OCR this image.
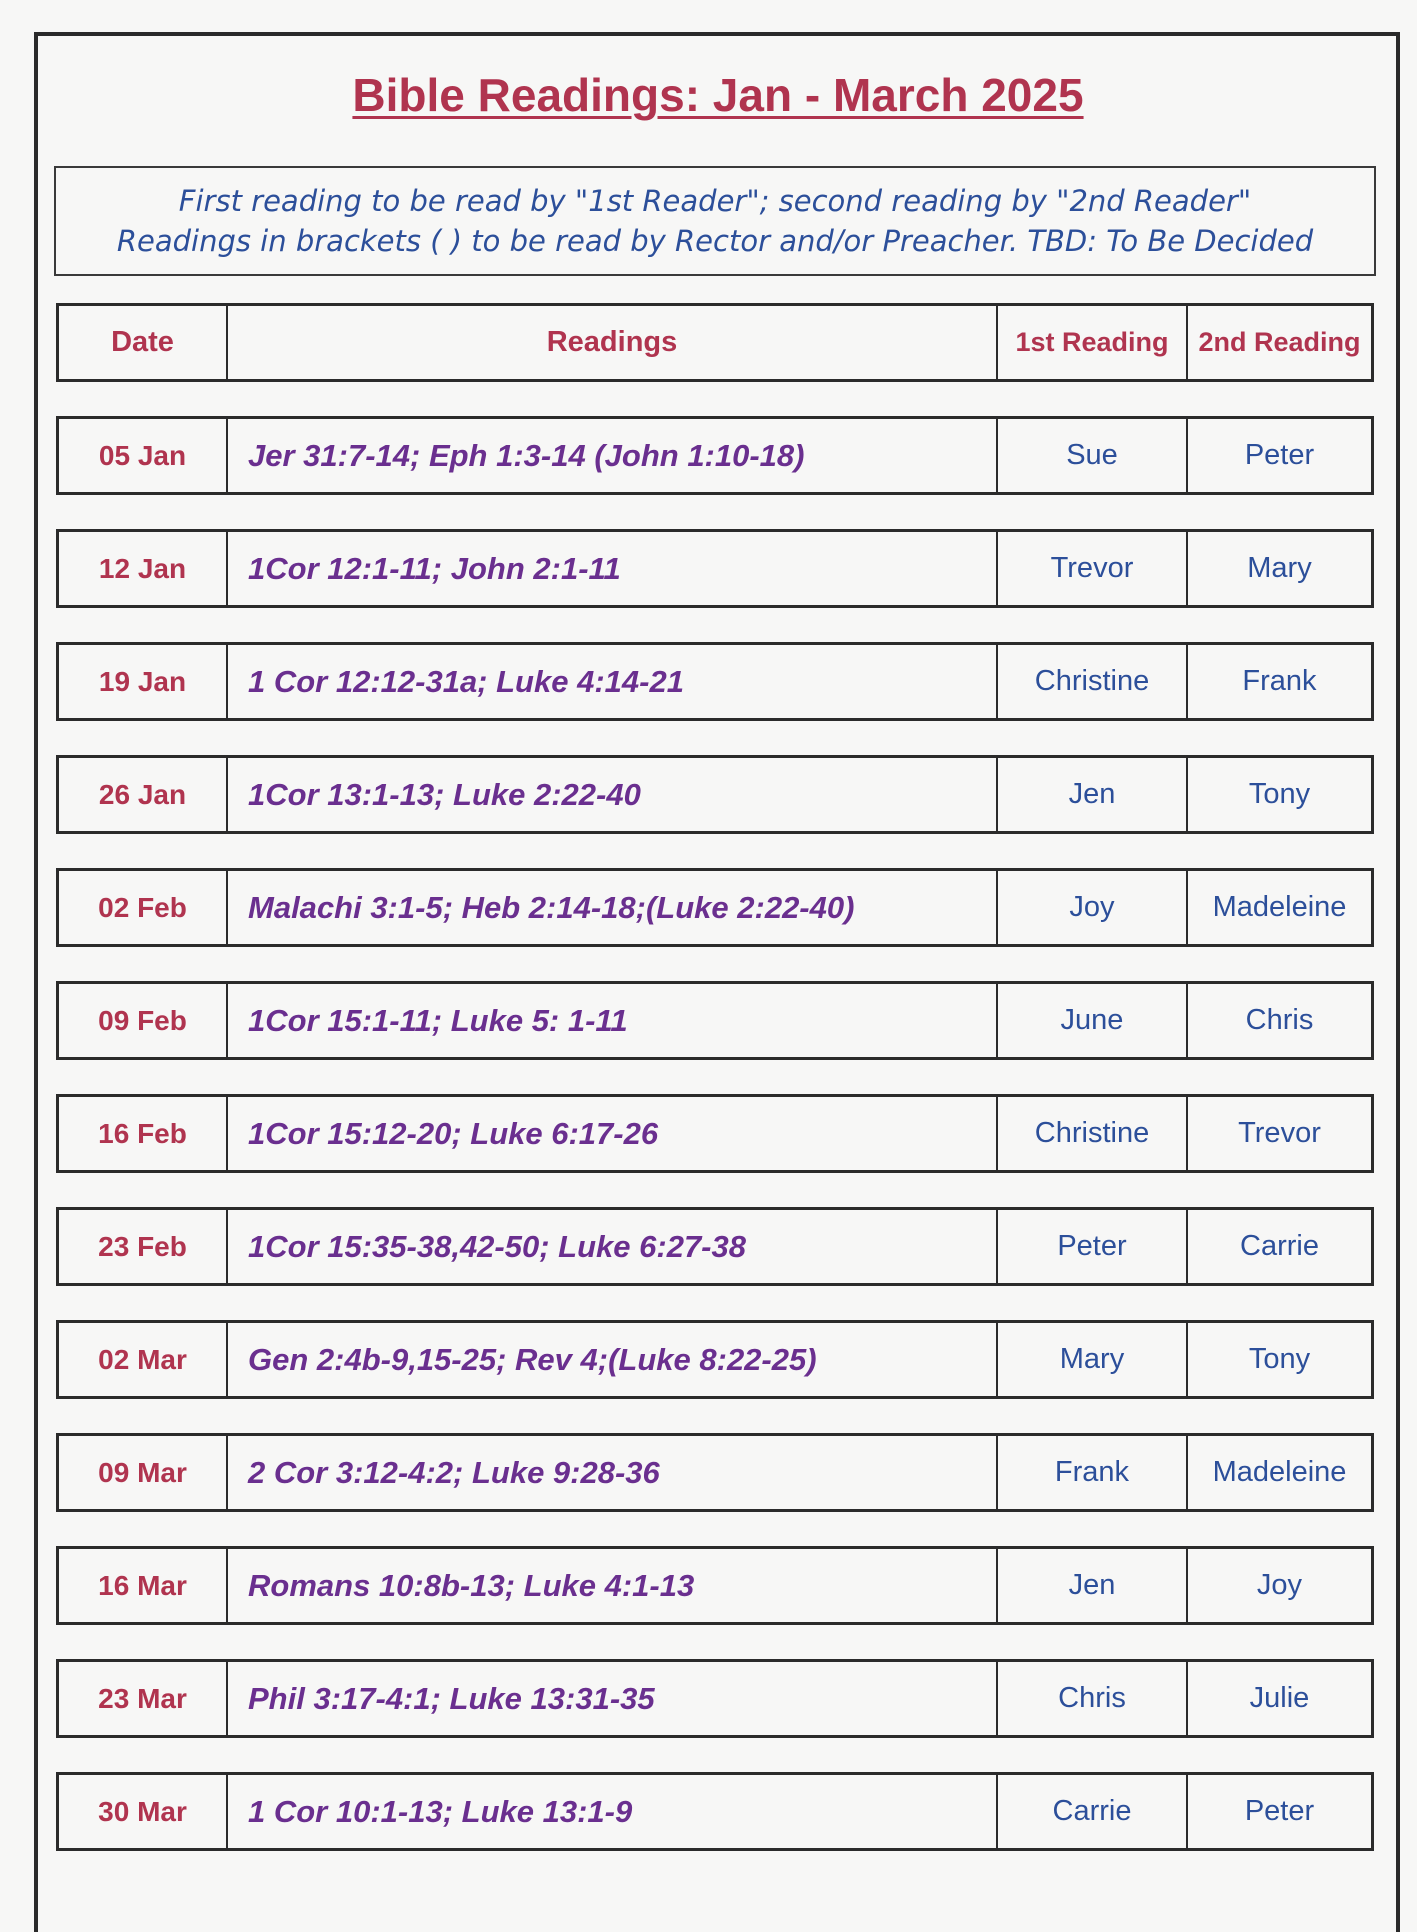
Bible Readings: Jan - March 2025
First reading to be read by "1st Reader"; second reading by "2nd Reader"
Readings in brackets ( ) to be read by Rector and/or Preacher. TBD: To Be Decided
Date	Readings	1st Reading	2nd Reading
05 Jan	Jer 31:7-14; Eph 1:3-14 (John 1:10-18)	Sue	Peter
12 Jan	1Cor 12:1-11; John 2:1-11	Trevor	Mary
19 Jan	1 Cor 12:12-31a; Luke 4:14-21	Christine	Frank
26 Jan	1Cor 13:1-13; Luke 2:22-40	Jen	Tony
02 Feb	Malachi 3:1-5; Heb 2:14-18;(Luke 2:22-40)	Joy	Madeleine
09 Feb	1Cor 15:1-11; Luke 5: 1-11	June	Chris
16 Feb	1Cor 15:12-20; Luke 6:17-26	Christine	Trevor
23 Feb	1Cor 15:35-38,42-50; Luke 6:27-38	Peter	Carrie
02 Mar	Gen 2:4b-9,15-25; Rev 4;(Luke 8:22-25)	Mary	Tony
09 Mar	2 Cor 3:12-4:2; Luke 9:28-36	Frank	Madeleine
16 Mar	Romans 10:8b-13; Luke 4:1-13	Jen	Joy
23 Mar	Phil 3:17-4:1; Luke 13:31-35	Chris	Julie
30 Mar	1 Cor 10:1-13; Luke 13:1-9	Carrie	Peter
